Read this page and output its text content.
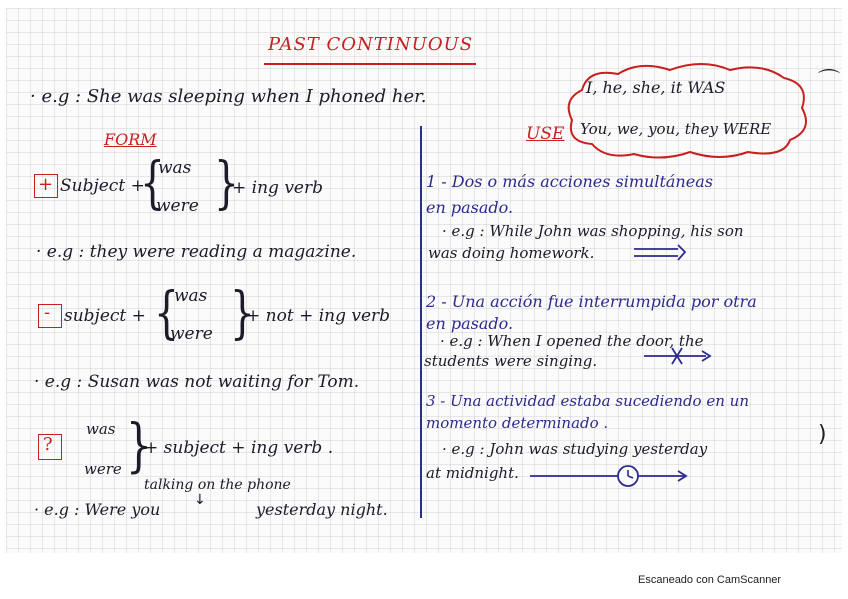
PAST CONTINUOUS
· e.g : She was sleeping when I phoned her.	I, he, she, it WAS
You, we, you, they WERE
USE
FORM
+ Subject +
{
was
were }
+ ing verb
· e.g : they were reading a magazine.
- subject + {
was
were }
+ not + ing verb
· e.g : Susan was not waiting for Tom.
was
?
were }
+ subject + ing verb .
talking on the phone
· e.g : Were you ↓	yesterday night.
1 - Dos o más acciones simultáneas
en pasado.
· e.g : While John was shopping, his son
was doing homework.
2 - Una acción fue interrumpida por otra
en pasado.
· e.g : When I opened the door, the
students were singing.
3 - Una actividad estaba sucediendo en un
momento determinado .
· e.g : John was studying yesterday
at midnight.
⌒
)
Escaneado con CamScanner
